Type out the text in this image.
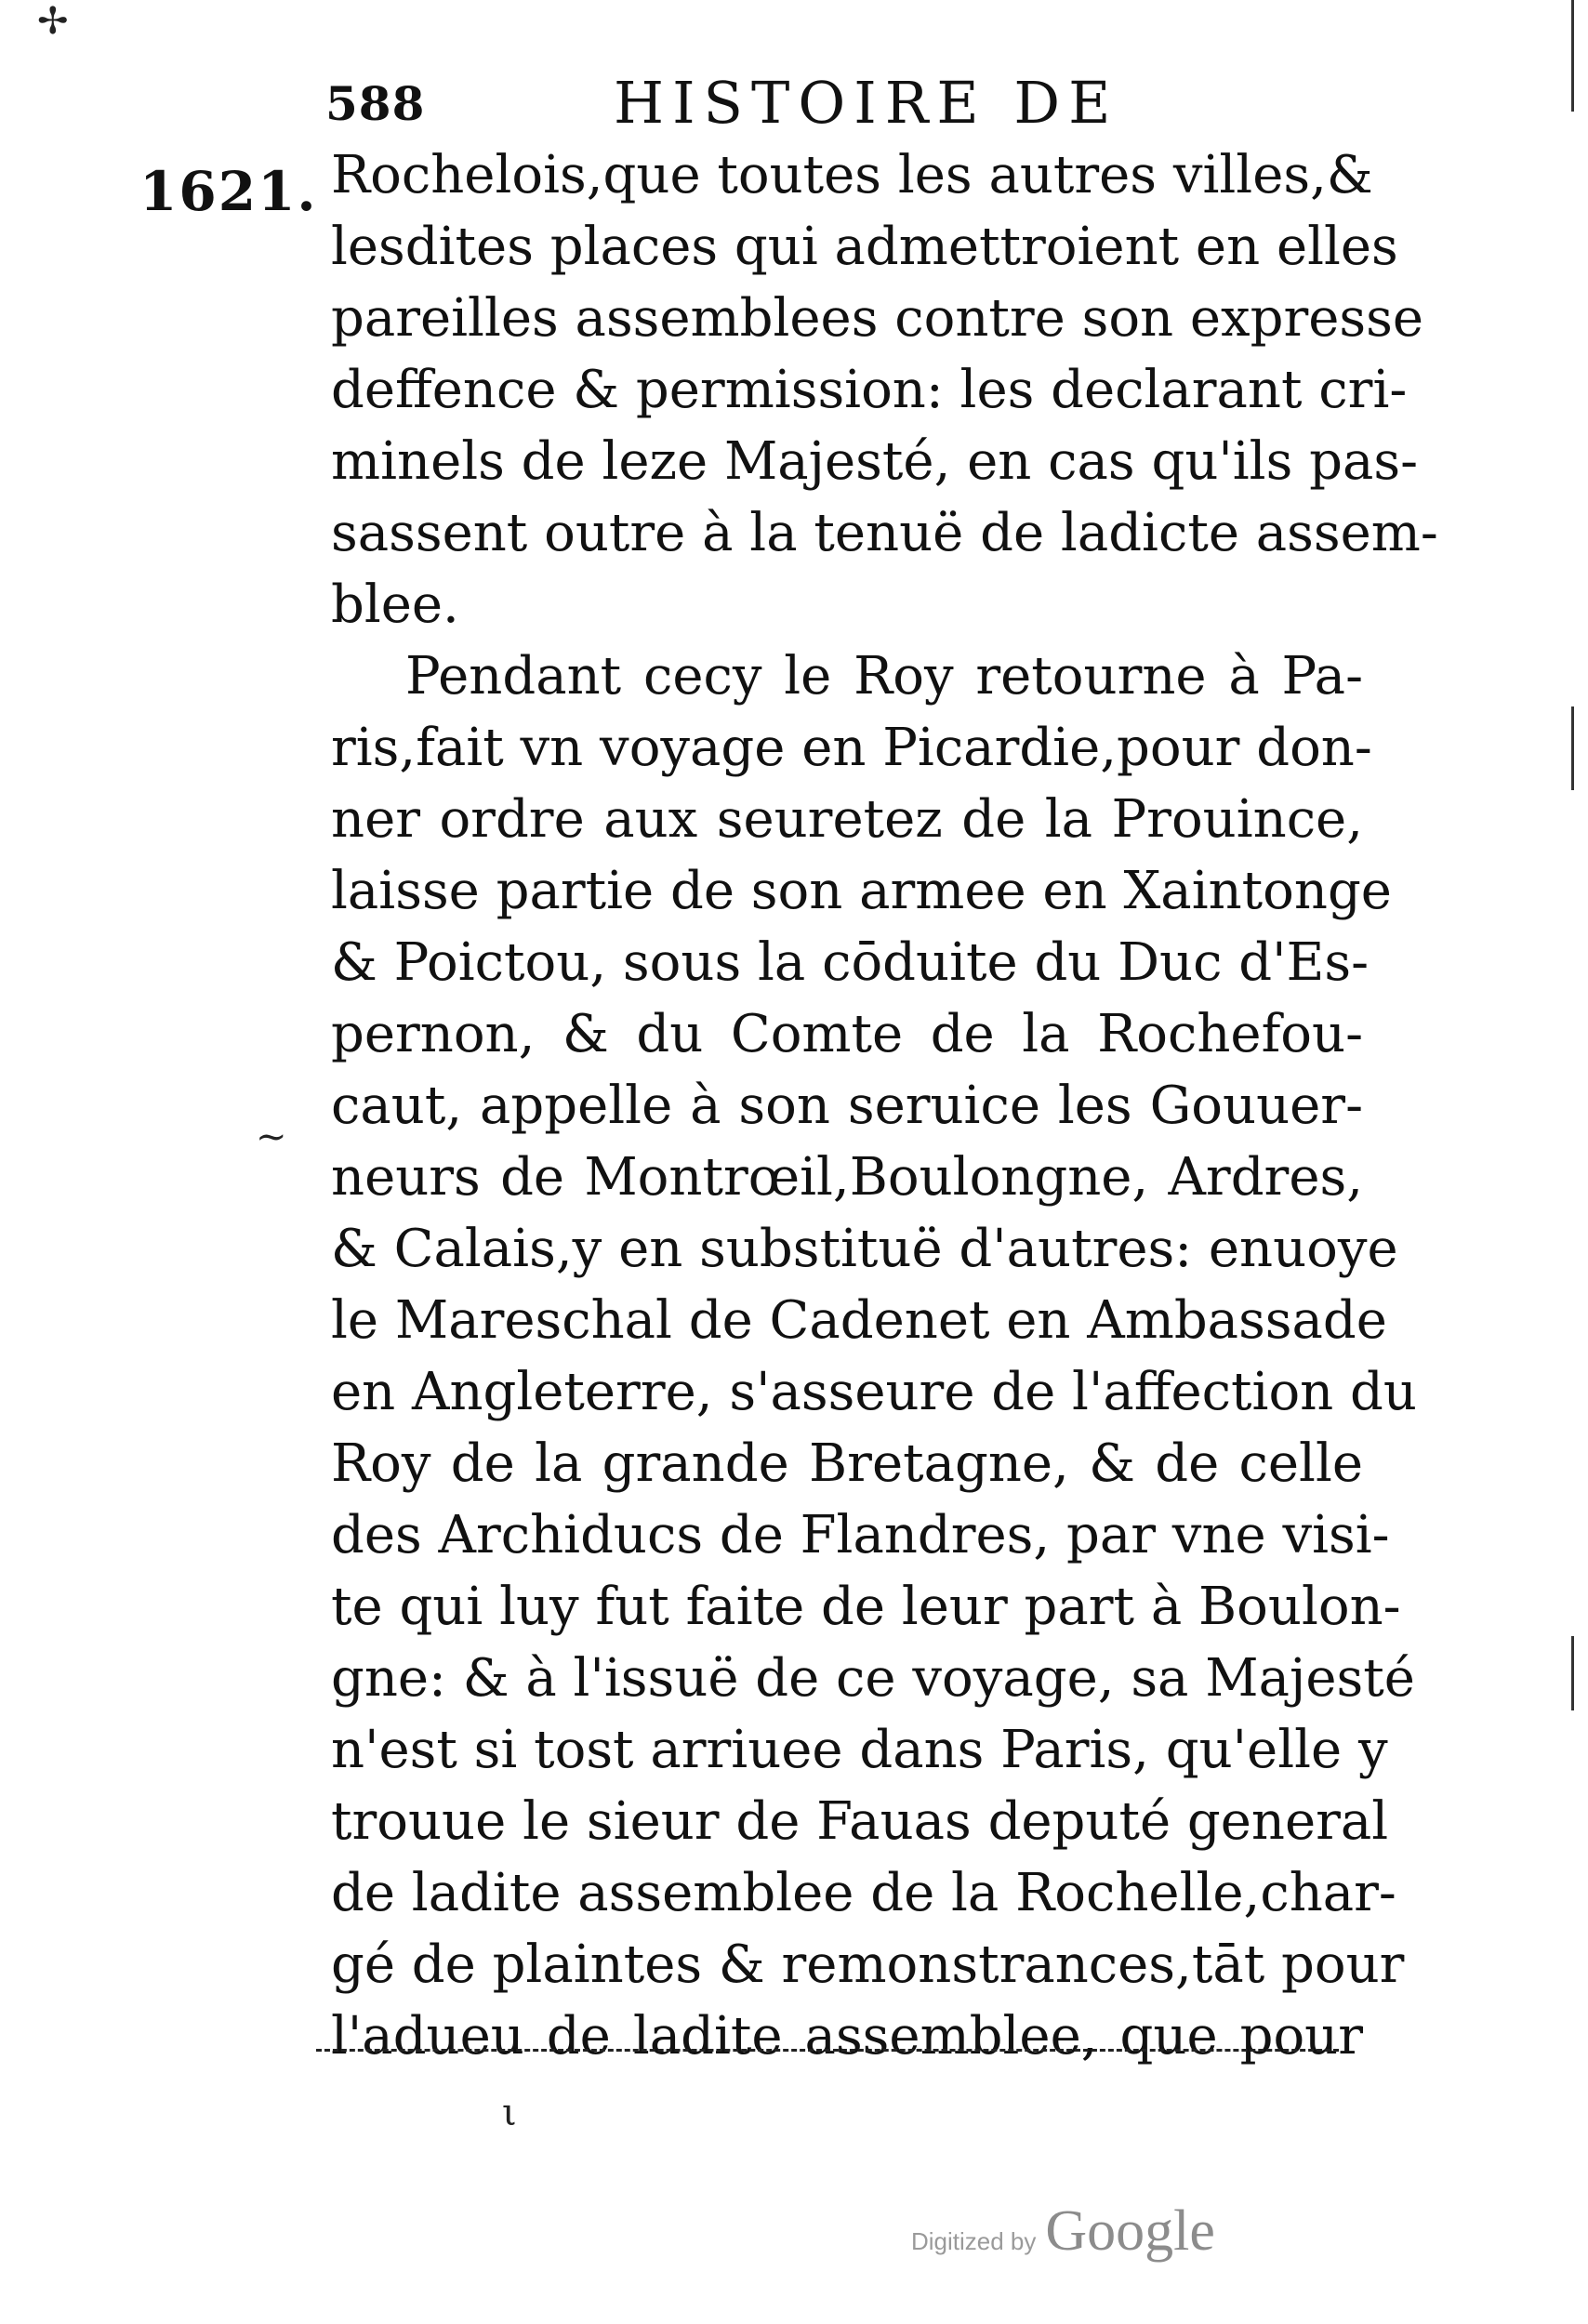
✢
~
ι
588	HISTOIRE DE
1621. Rochelois,que toutes les autres villes,&
lesdites places qui admettroient en elles
pareilles assemblees contre son expresse
deffence & permission: les declarant cri-
minels de leze Majesté, en cas qu'ils pas-
sassent outre à la tenuë de ladicte assem-
blee.
Pendant cecy le Roy retourne à Pa-
ris,fait vn voyage en Picardie,pour don-
ner ordre aux seuretez de la Prouince,
laisse partie de son armee en Xaintonge
& Poictou, sous la cōduite du Duc d'Es-
pernon, & du Comte de la Rochefou-
caut, appelle à son seruice les Gouuer-
neurs de Montrœil,Boulongne, Ardres,
& Calais,y en substituë d'autres: enuoye
le Mareschal de Cadenet en Ambassade
en Angleterre, s'asseure de l'affection du
Roy de la grande Bretagne, & de celle
des Archiducs de Flandres, par vne visi-
te qui luy fut faite de leur part à Boulon-
gne: & à l'issuë de ce voyage, sa Majesté
n'est si tost arriuee dans Paris, qu'elle y
trouue le sieur de Fauas deputé general
de ladite assemblee de la Rochelle,char-
gé de plaintes & remonstrances,tāt pour
l'adueu de ladite assemblee, que pour
Digitized by Google
